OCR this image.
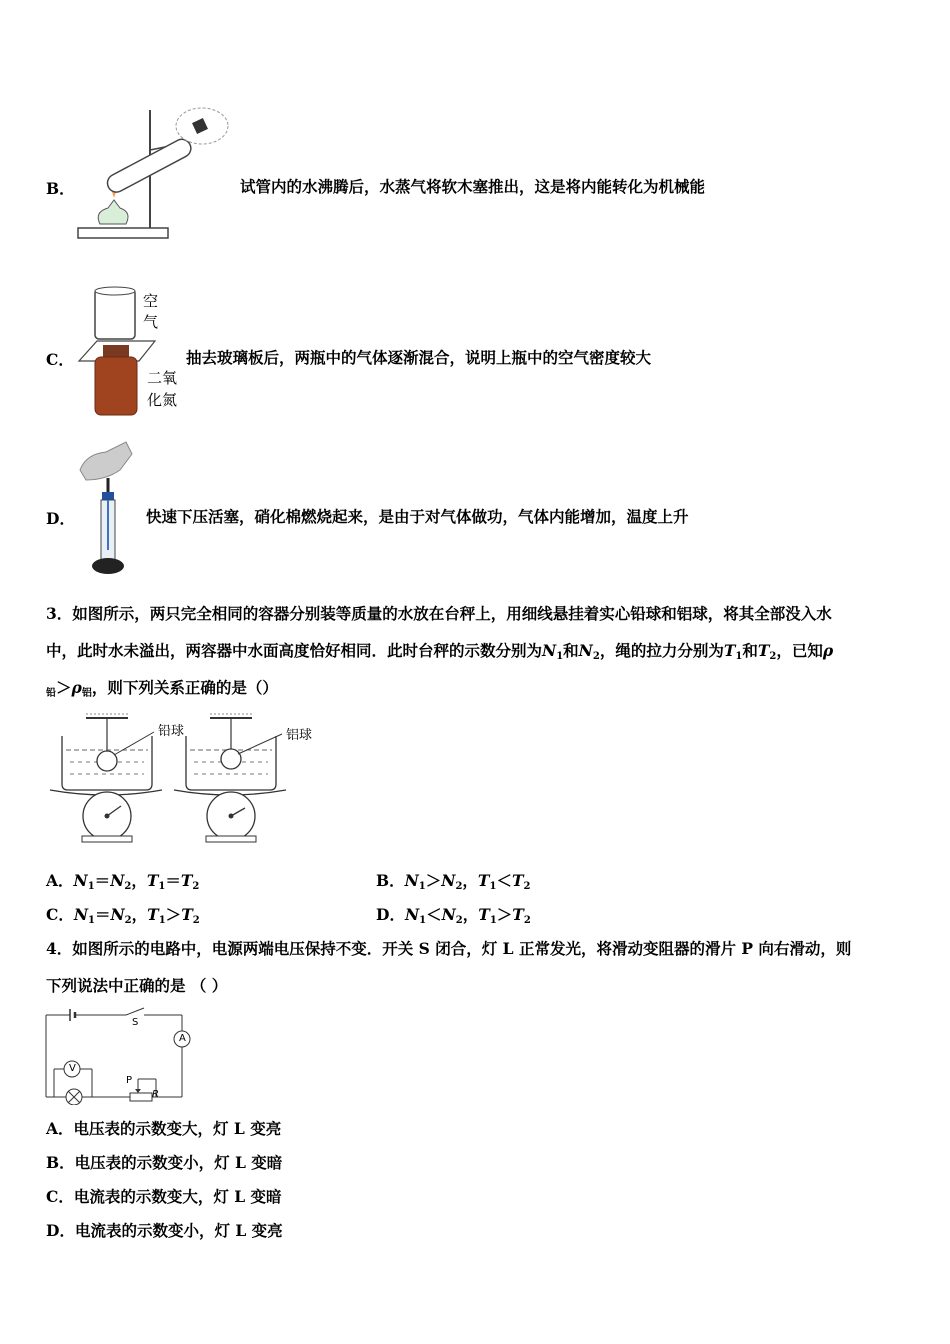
B．	试管内的水沸腾后，水蒸气将软木塞推出，这是将内能转化为机械能
C．
空
气
二氧
化氮
抽去玻璃板后，两瓶中的气体逐渐混合，说明上瓶中的空气密度较大
D．	快速下压活塞，硝化棉燃烧起来，是由于对气体做功，气体内能增加，温度上升
3．如图所示，两只完全相同的容器分别装等质量的水放在台秤上，用细线悬挂着实心铅球和铝球，将其全部没入水
中，此时水未溢出，两容器中水面高度恰好相同．此时台秤的示数分别为$N_1$和$N_2$，绳的拉力分别为$T_1$和$T_2$，已知ρ
$_铅>\rho_铝$，则下列关系正确的是（）
铅球	铝球
A．$N_1=N_2$，$T_1=T_2$	B．$N_1>N_2$，$T_1<T_2$
C．$N_1=N_2$，$T_1>T_2$	D．$N_1<N_2$，$T_1>T_2$
4．如图所示的电路中，电源两端电压保持不变．开关 S 闭合，灯 L 正常发光，将滑动变阻器的滑片 P 向右滑动，则
下列说法中正确的是 （ ）
S
A
V
P
R
A．电压表的示数变大，灯 L 变亮
B．电压表的示数变小，灯 L 变暗
C．电流表的示数变大，灯 L 变暗
D．电流表的示数变小，灯 L 变亮
